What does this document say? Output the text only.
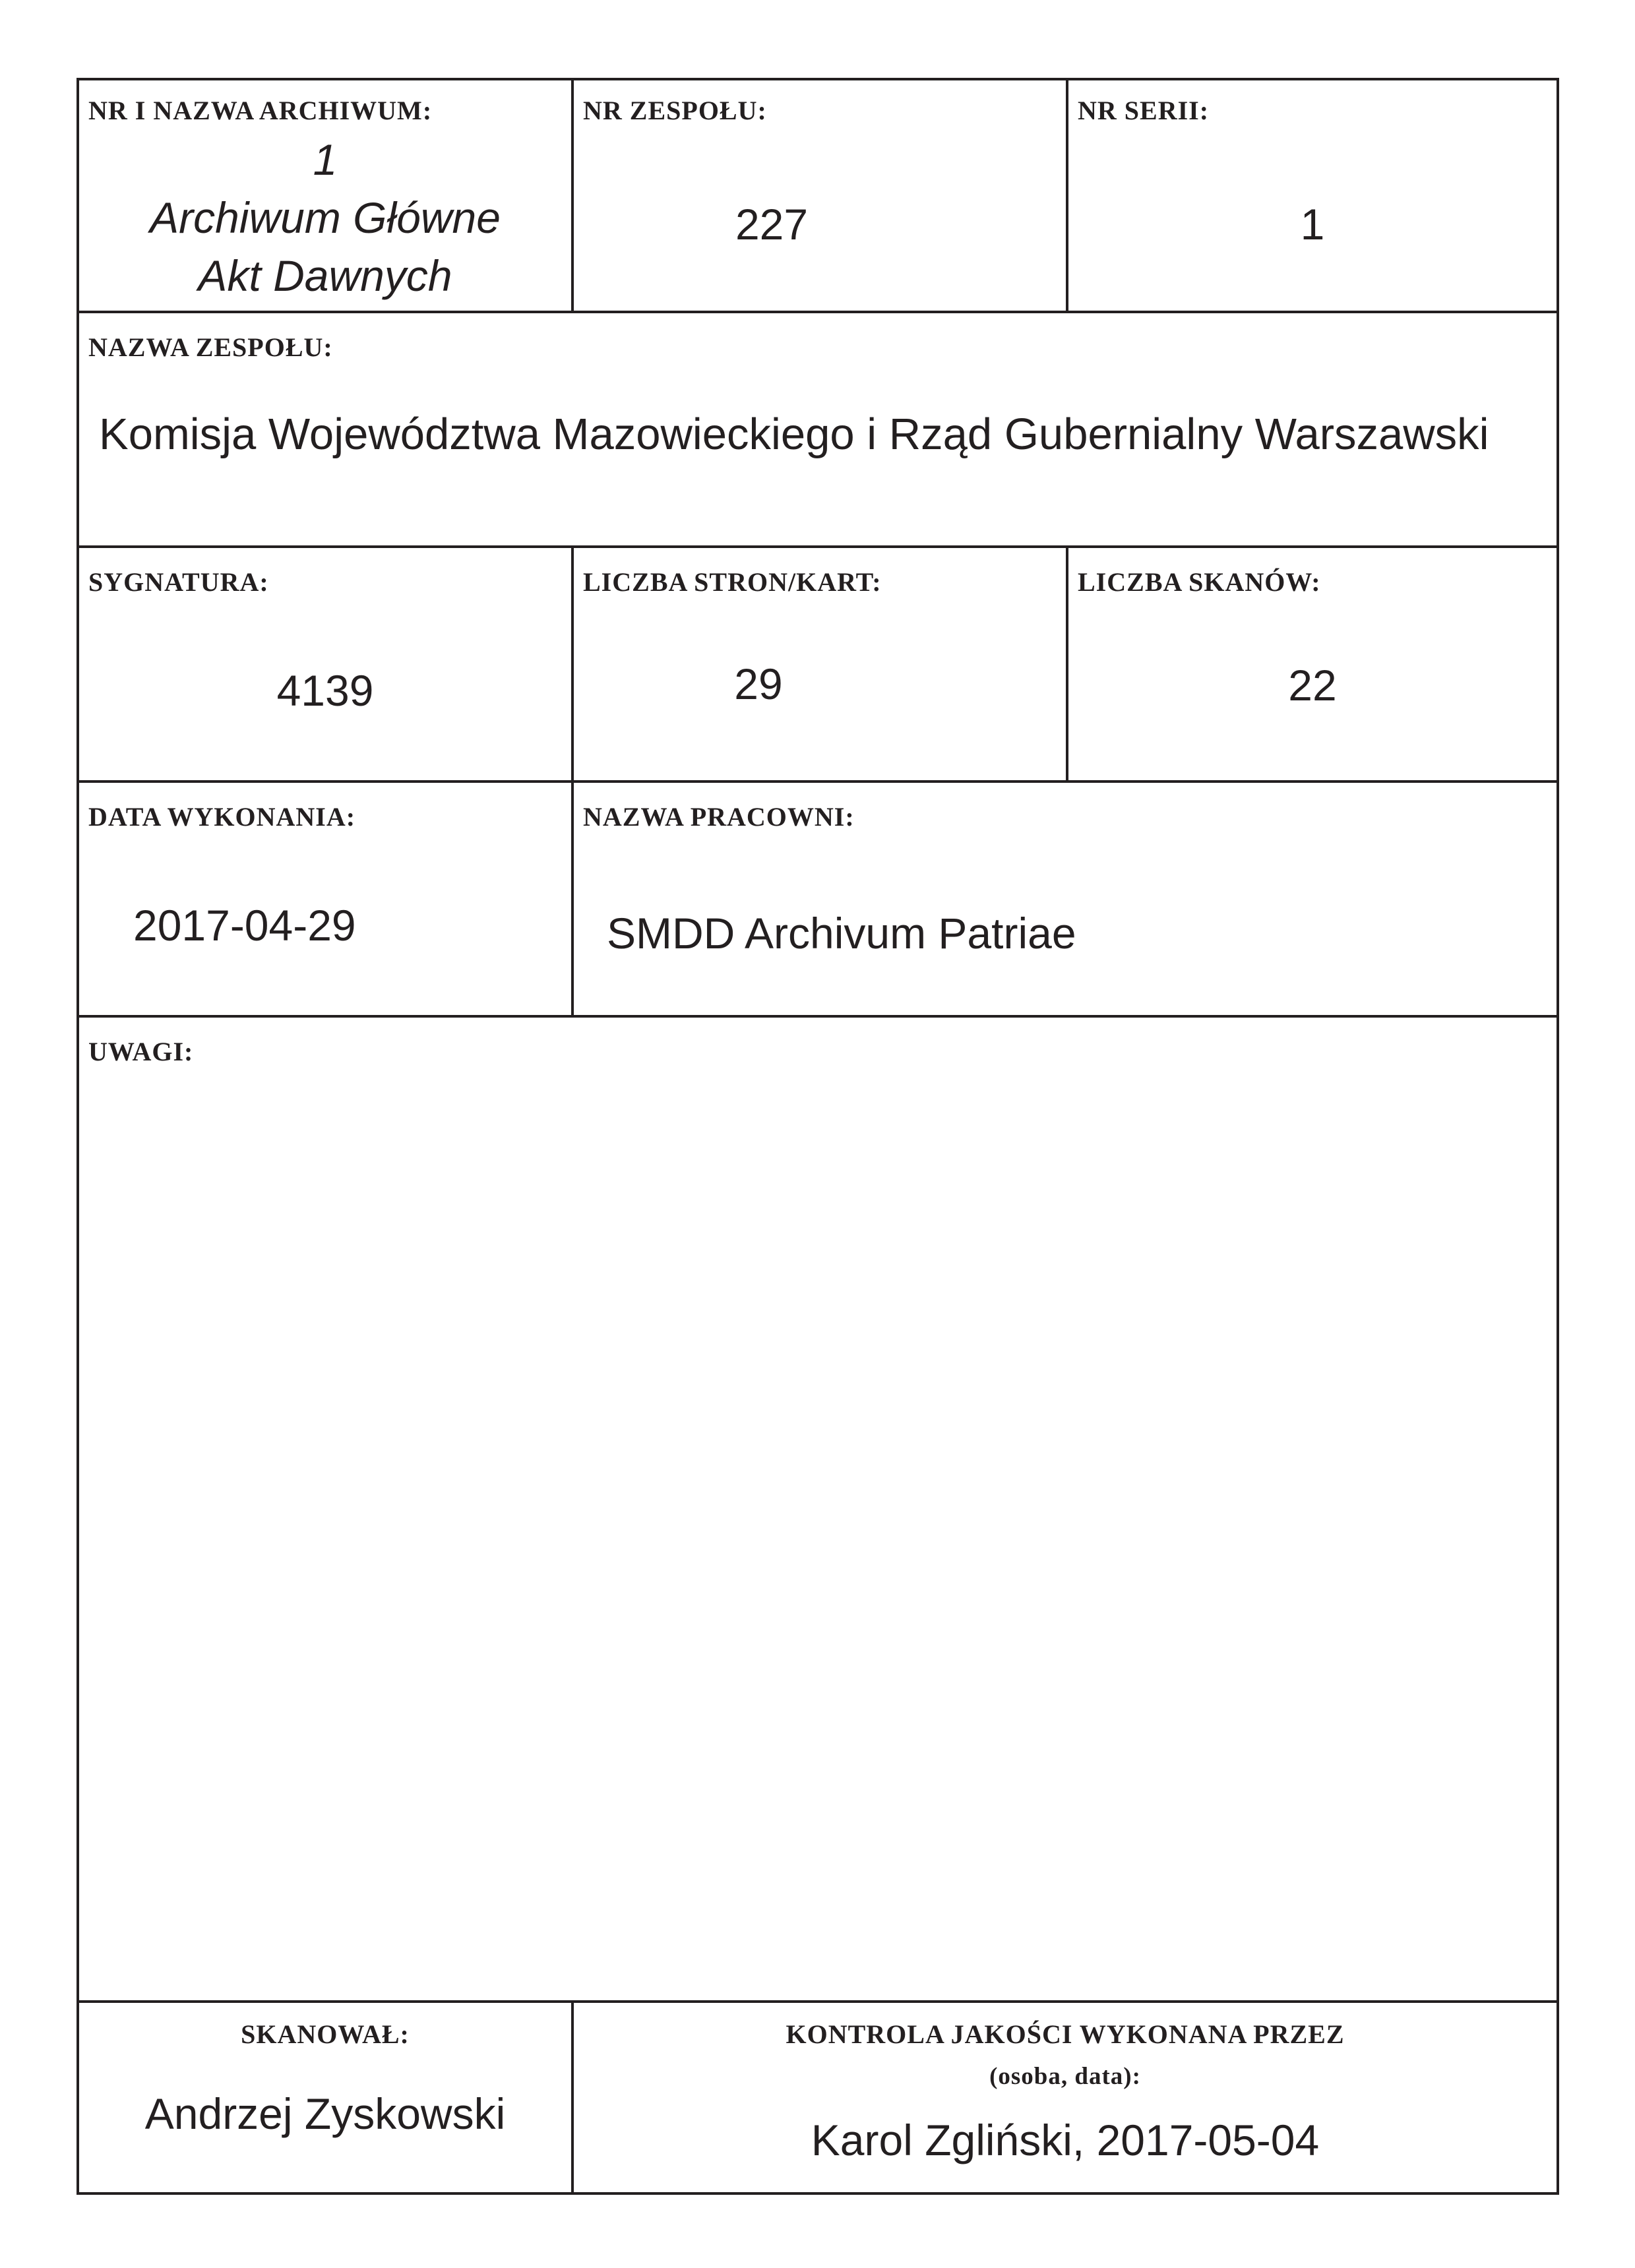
NR I NAZWA ARCHIWUM:
1
Archiwum Główne
Akt Dawnych
NR ZESPOŁU:
227
NR SERII:
1
NAZWA ZESPOŁU:
Komisja Województwa Mazowieckiego i Rząd Gubernialny Warszawski
SYGNATURA:
4139
LICZBA STRON/KART:
29
LICZBA SKANÓW:
22
DATA WYKONANIA:
2017-04-29
NAZWA PRACOWNI:
SMDD Archivum Patriae
UWAGI:
SKANOWAŁ:
Andrzej Zyskowski
KONTROLA JAKOŚCI WYKONANA PRZEZ
(osoba, data):
Karol Zgliński, 2017-05-04
